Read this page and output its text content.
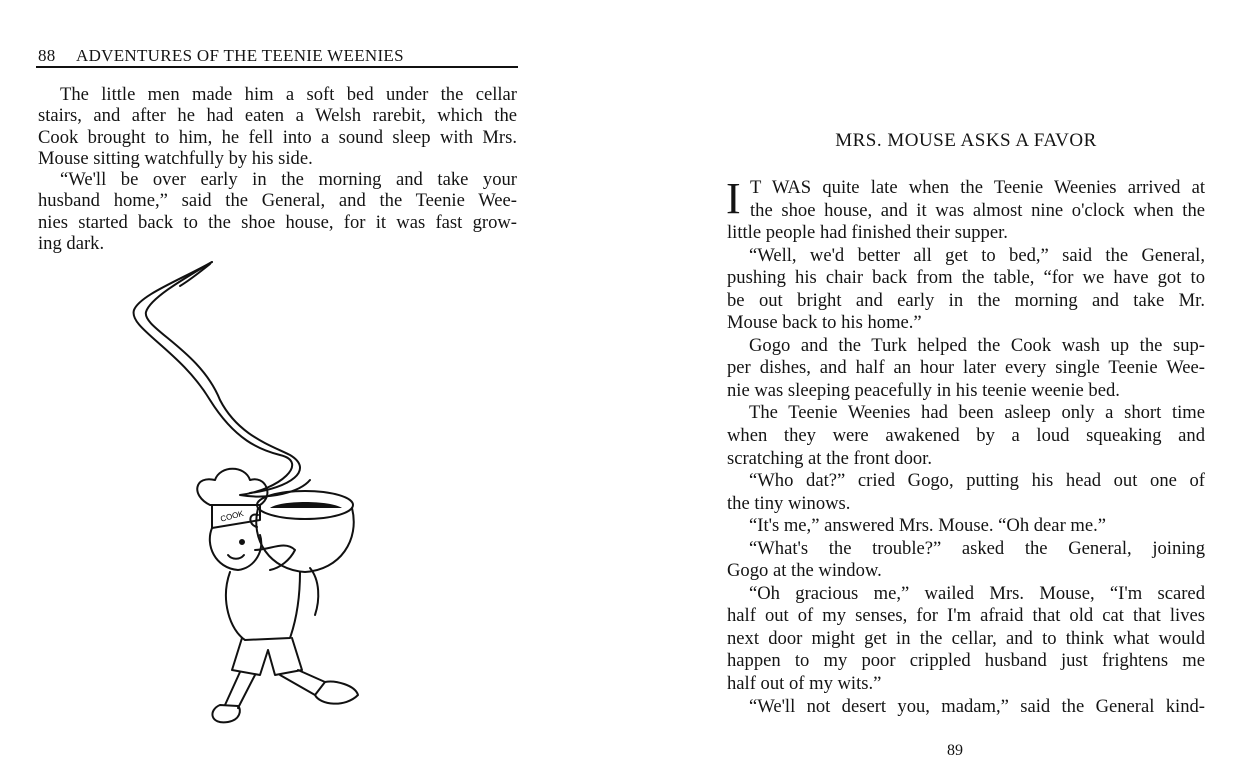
88 ADVENTURES OF THE TEENIE WEENIES
The little men made him a soft bed under the cellar
stairs, and after he had eaten a Welsh rarebit, which the
Cook brought to him, he fell into a sound sleep with Mrs.
Mouse sitting watchfully by his side.
“We'll be over early in the morning and take your
husband home,” said the General, and the Teenie Wee-
nies started back to the shoe house, for it was fast grow-
ing dark.
COOK
MRS. MOUSE ASKS A FAVOR
I T WAS quite late when the Teenie Weenies arrived at
the shoe house, and it was almost nine o'clock when the
little people had finished their supper.
“Well, we'd better all get to bed,” said the General,
pushing his chair back from the table, “for we have got to
be out bright and early in the morning and take Mr.
Mouse back to his home.”
Gogo and the Turk helped the Cook wash up the sup-
per dishes, and half an hour later every single Teenie Wee-
nie was sleeping peacefully in his teenie weenie bed.
The Teenie Weenies had been asleep only a short time
when they were awakened by a loud squeaking and
scratching at the front door.
“Who dat?” cried Gogo, putting his head out one of
the tiny winows.
“It's me,” answered Mrs. Mouse. “Oh dear me.”
“What's the trouble?” asked the General, joining
Gogo at the window.
“Oh gracious me,” wailed Mrs. Mouse, “I'm scared
half out of my senses, for I'm afraid that old cat that lives
next door might get in the cellar, and to think what would
happen to my poor crippled husband just frightens me
half out of my wits.”
“We'll not desert you, madam,” said the General kind-
89
